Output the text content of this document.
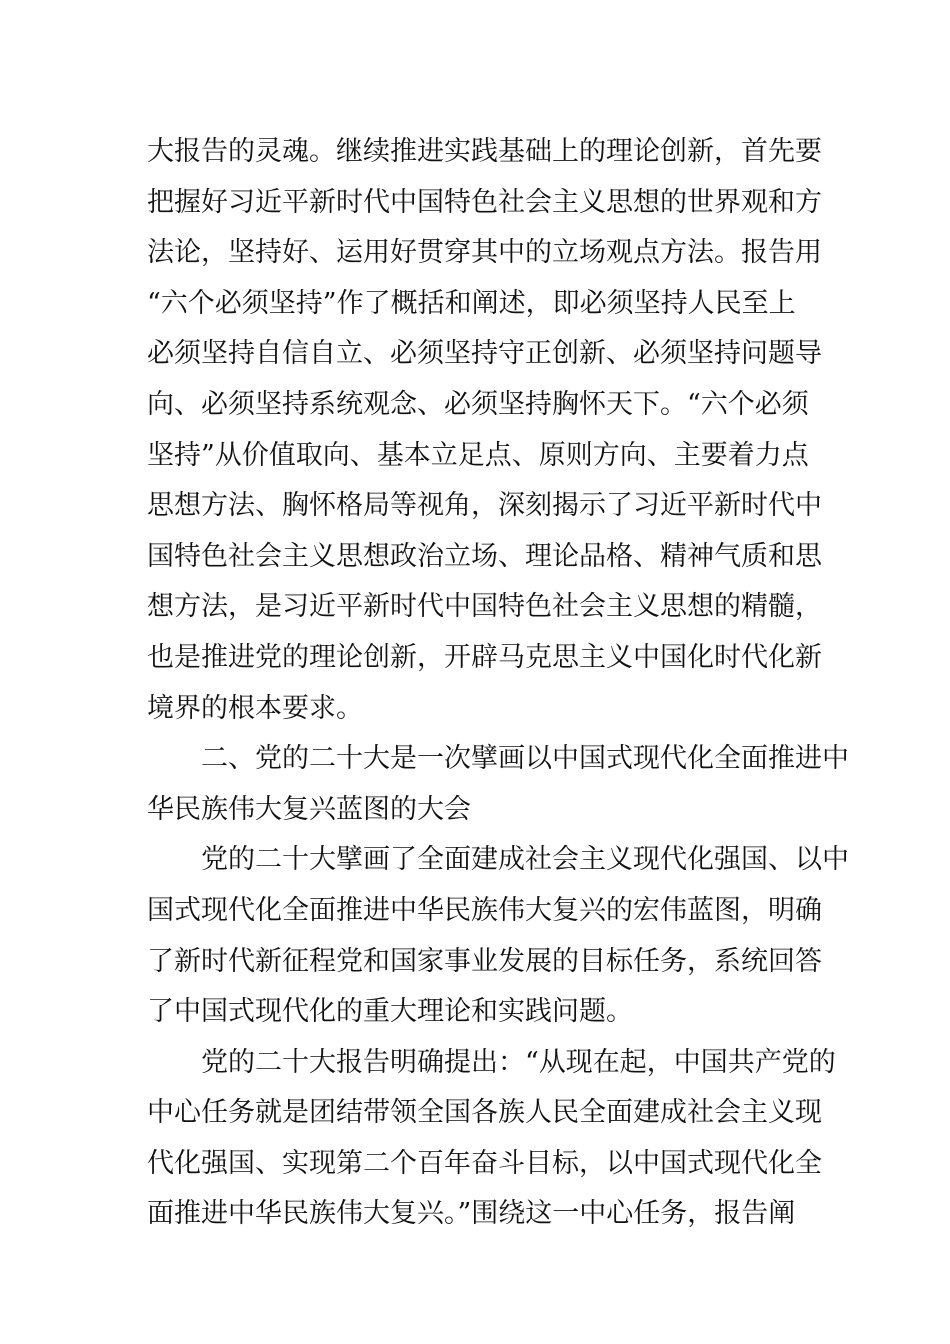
大报告的灵魂。继续推进实践基础上的理论创新，首先要
把握好习近平新时代中国特色社会主义思想的世界观和方
法论，坚持好、运用好贯穿其中的立场观点方法。报告用
“六个必须坚持”作了概括和阐述，即必须坚持人民至上
必须坚持自信自立、必须坚持守正创新、必须坚持问题导
向、必须坚持系统观念、必须坚持胸怀天下。“六个必须
坚持”从价值取向、基本立足点、原则方向、主要着力点
思想方法、胸怀格局等视角，深刻揭示了习近平新时代中
国特色社会主义思想政治立场、理论品格、精神气质和思
想方法，是习近平新时代中国特色社会主义思想的精髓，
也是推进党的理论创新，开辟马克思主义中国化时代化新
境界的根本要求。
　　二、党的二十大是一次擘画以中国式现代化全面推进中
华民族伟大复兴蓝图的大会
　　党的二十大擘画了全面建成社会主义现代化强国、以中
国式现代化全面推进中华民族伟大复兴的宏伟蓝图，明确
了新时代新征程党和国家事业发展的目标任务，系统回答
了中国式现代化的重大理论和实践问题。
　　党的二十大报告明确提出：“从现在起，中国共产党的
中心任务就是团结带领全国各族人民全面建成社会主义现
代化强国、实现第二个百年奋斗目标，以中国式现代化全
面推进中华民族伟大复兴。”围绕这一中心任务，报告阐
